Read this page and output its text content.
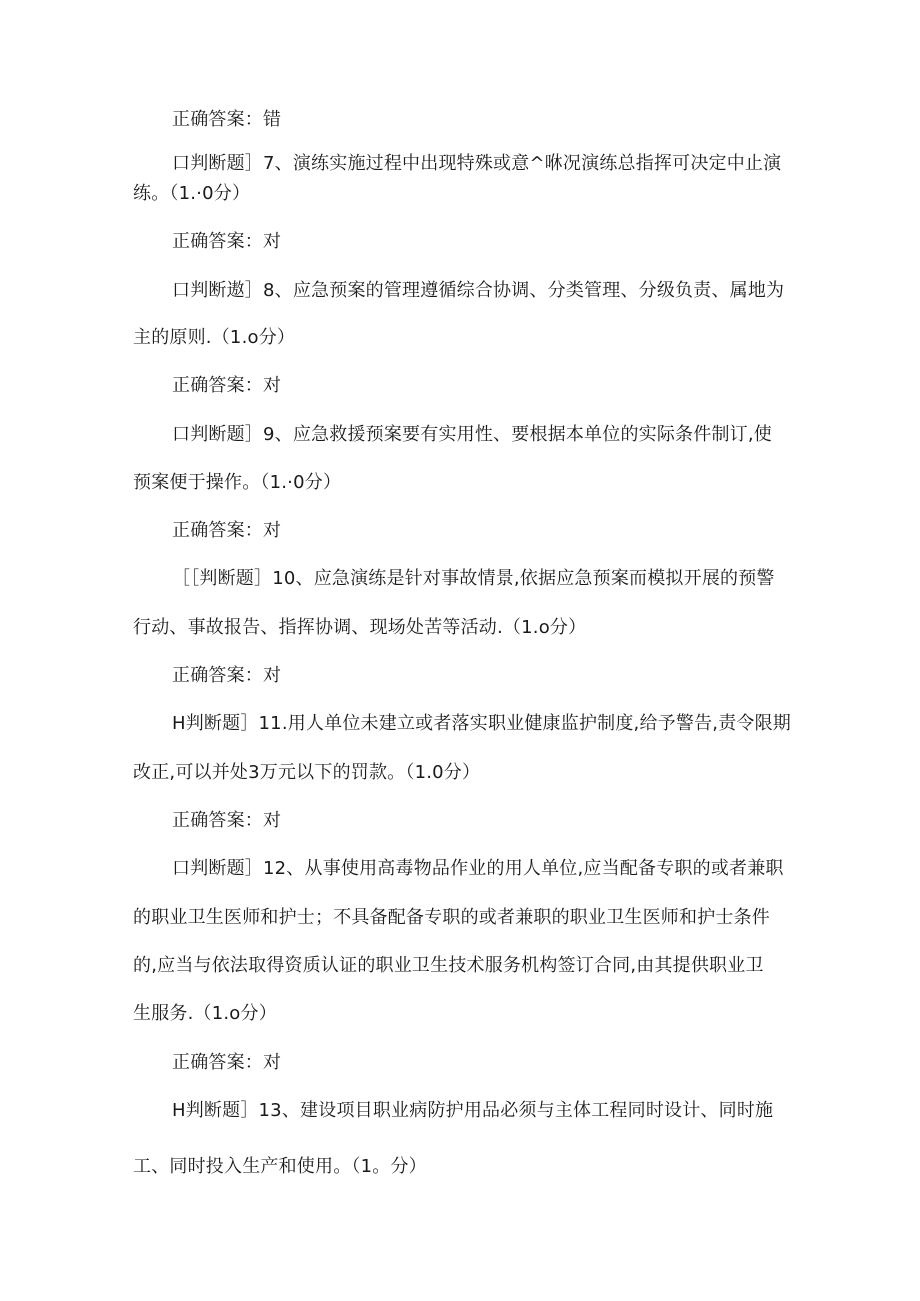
正确答案：错
口判断题］7、演练实施过程中出现特殊或意^咻况演练总指挥可决定中止演
练。（1.·0分）
正确答案：对
口判断遨］8、应急预案的管理遵循综合协调、分类管理、分级负责、属地为
主的原则.（1.o分）
正确答案：对
口判断题］9、应急救援预案要有实用性、要根据本单位的实际条件制订,使
预案便于操作。（1.·0分）
正确答案：对
［［判断题］10、应急演练是针对事故情景,依据应急预案而模拟开展的预警
行动、事故报告、指挥协调、现场处苦等活动.（1.o分）
正确答案：对
H判断题］11.用人单位未建立或者落实职业健康监护制度,给予警告,责令限期
改正,可以并处3万元以下的罚款。（1.0分）
正确答案：对
口判断题］12、从事使用高毒物品作业的用人单位,应当配备专职的或者兼职
的职业卫生医师和护士；不具备配备专职的或者兼职的职业卫生医师和护士条件
的,应当与依法取得资质认证的职业卫生技术服务机构签订合同,由其提供职业卫
生服务.（1.o分）
正确答案：对
H判断题］13、建设项目职业病防护用品必须与主体工程同时设计、同时施
工、同时投入生产和使用。（1。分）
